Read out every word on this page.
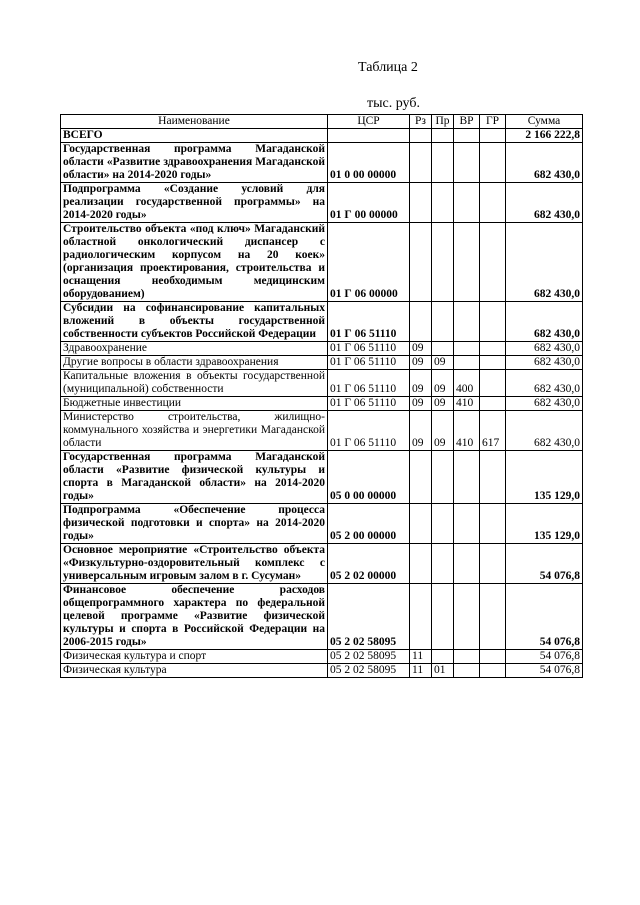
Таблица 2
тыс. руб.
Наименование	ЦСР	Рз	Пр	ВР	ГР	Сумма
ВСЕГО						2 166 222,8
Государственная программа Магаданской области «Развитие здравоохранения Магаданской области» на 2014-2020 годы»	01 0 00 00000					682 430,0
Подпрограмма «Создание условий для реализации государственной программы» на 2014-2020 годы»	01 Г 00 00000					682 430,0
Строительство объекта «под ключ» Магаданский областной онкологический диспансер с радиологическим корпусом на 20 коек» (организация проектирования, строительства и оснащения необходимым медицинским оборудованием)	01 Г 06 00000					682 430,0
Субсидии на софинансирование капитальных вложений в объекты государственной собственности субъектов Российской Федерации	01 Г 06 51110					682 430,0
Здравоохранение	01 Г 06 51110	09				682 430,0
Другие вопросы в области здравоохранения	01 Г 06 51110	09	09			682 430,0
Капитальные вложения в объекты государственной (муниципальной) собственности	01 Г 06 51110	09	09	400		682 430,0
Бюджетные инвестиции	01 Г 06 51110	09	09	410		682 430,0
Министерство строительства, жилищно-коммунального хозяйства и энергетики Магаданской области	01 Г 06 51110	09	09	410	617	682 430,0
Государственная программа Магаданской области «Развитие физической культуры и спорта в Магаданской области» на 2014-2020 годы»	05 0 00 00000					135 129,0
Подпрограмма «Обеспечение процесса физической подготовки и спорта» на 2014-2020 годы»	05 2 00 00000					135 129,0
Основное мероприятие «Строительство объекта «Физкультурно-оздоровительный комплекс с универсальным игровым залом в г. Сусуман»	05 2 02 00000					54 076,8
Финансовое обеспечение расходов общепрограммного характера по федеральной целевой программе «Развитие физической культуры и спорта в Российской Федерации на 2006-2015 годы»	05 2 02 58095					54 076,8
Физическая культура и спорт	05 2 02 58095	11				54 076,8
Физическая культура	05 2 02 58095	11	01			54 076,8
